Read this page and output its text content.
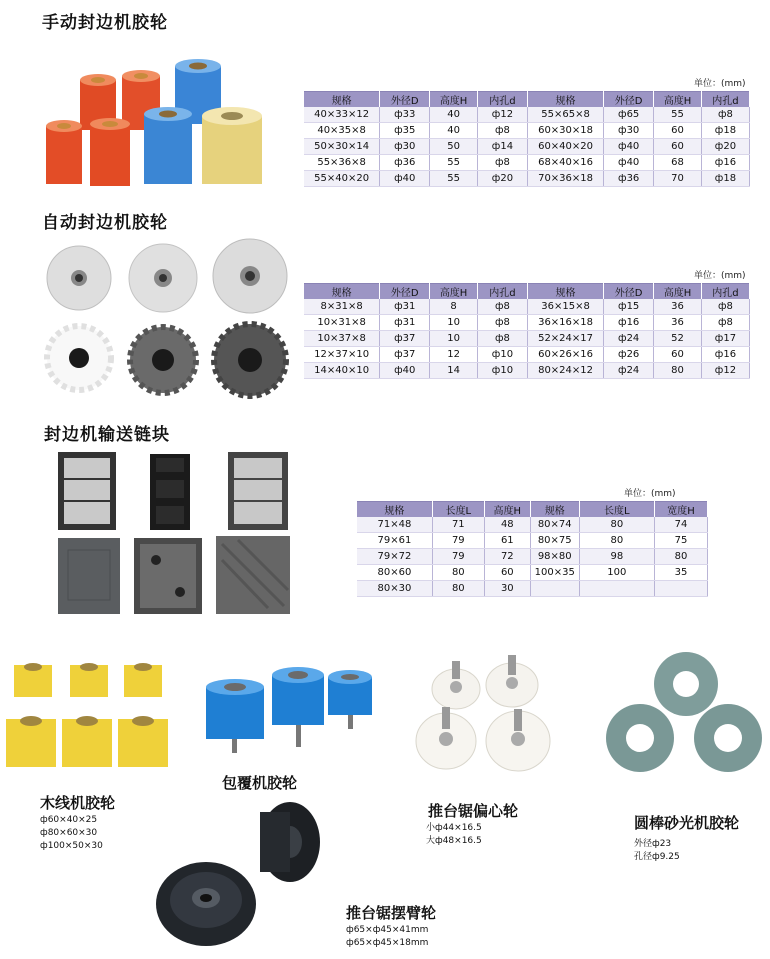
手动封边机胶轮
单位：(mm)
规格	外径D	高度H	内孔d	规格	外径D	高度H	内孔d
40×33×12	ф33	40	ф12	55×65×8	ф65	55	ф8
40×35×8	ф35	40	ф8	60×30×18	ф30	60	ф18
50×30×14	ф30	50	ф14	60×40×20	ф40	60	ф20
55×36×8	ф36	55	ф8	68×40×16	ф40	68	ф16
55×40×20	ф40	55	ф20	70×36×18	ф36	70	ф18
自动封边机胶轮
单位：(mm)
规格	外径D	高度H	内孔d	规格	外径D	高度H	内孔d
8×31×8	ф31	8	ф8	36×15×8	ф15	36	ф8
10×31×8	ф31	10	ф8	36×16×18	ф16	36	ф8
10×37×8	ф37	10	ф8	52×24×17	ф24	52	ф17
12×37×10	ф37	12	ф10	60×26×16	ф26	60	ф16
14×40×10	ф40	14	ф10	80×24×12	ф24	80	ф12
封边机输送链块
单位：(mm)
规格	长度L	高度H	规格	长度L	宽度H
71×48	71	48	80×74	80	74
79×61	79	61	80×75	80	75
79×72	79	72	98×80	98	80
80×60	80	60	100×35	100	35
80×30	80	30			
木线机胶轮
ф60×40×25
ф80×60×30
ф100×50×30
包覆机胶轮
推台锯偏心轮
小ф44×16.5
大ф48×16.5
圆棒砂光机胶轮
外径ф23
孔径ф9.25
推台锯摆臂轮
ф65×ф45×41mm
ф65×ф45×18mm
